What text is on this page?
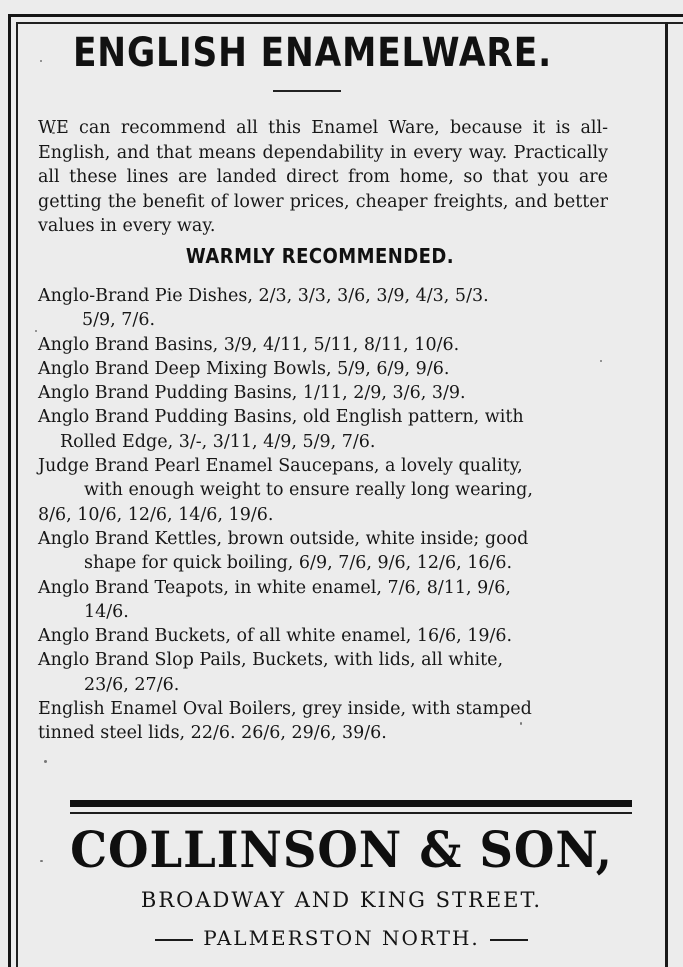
ENGLISH ENAMELWARE.
WE can recommend all this Enamel Ware, because it is all-English, and that means dependability in every way. Practically all these lines are landed direct from home, so that you are getting the benefit of lower prices, cheaper freights, and better values in every way.
WARMLY RECOMMENDED.

Anglo-Brand Pie Dishes, 2/3, 3/3, 3/6, 3/9, 4/3, 5/3.
5/9, 7/6.

Anglo Brand Basins, 3/9, 4/11, 5/11, 8/11, 10/6.

Anglo Brand Deep Mixing Bowls, 5/9, 6/9, 9/6.

Anglo Brand Pudding Basins, 1/11, 2/9, 3/6, 3/9.

Anglo Brand Pudding Basins, old English pattern, with
Rolled Edge, 3/-, 3/11, 4/9, 5/9, 7/6.

Judge Brand Pearl Enamel Saucepans, a lovely quality,
with enough weight to ensure really long wearing,
8/6, 10/6, 12/6, 14/6, 19/6.

Anglo Brand Kettles, brown outside, white inside; good
shape for quick boiling, 6/9, 7/6, 9/6, 12/6, 16/6.

Anglo Brand Teapots, in white enamel, 7/6, 8/11, 9/6,
14/6.

Anglo Brand Buckets, of all white enamel, 16/6, 19/6.

Anglo Brand Slop Pails, Buckets, with lids, all white,
23/6, 27/6.

English Enamel Oval Boilers, grey inside, with stamped
tinned steel lids, 22/6. 26/6, 29/6, 39/6.

COLLINSON & SON,
BROADWAY AND KING STREET.
PALMERSTON NORTH.
